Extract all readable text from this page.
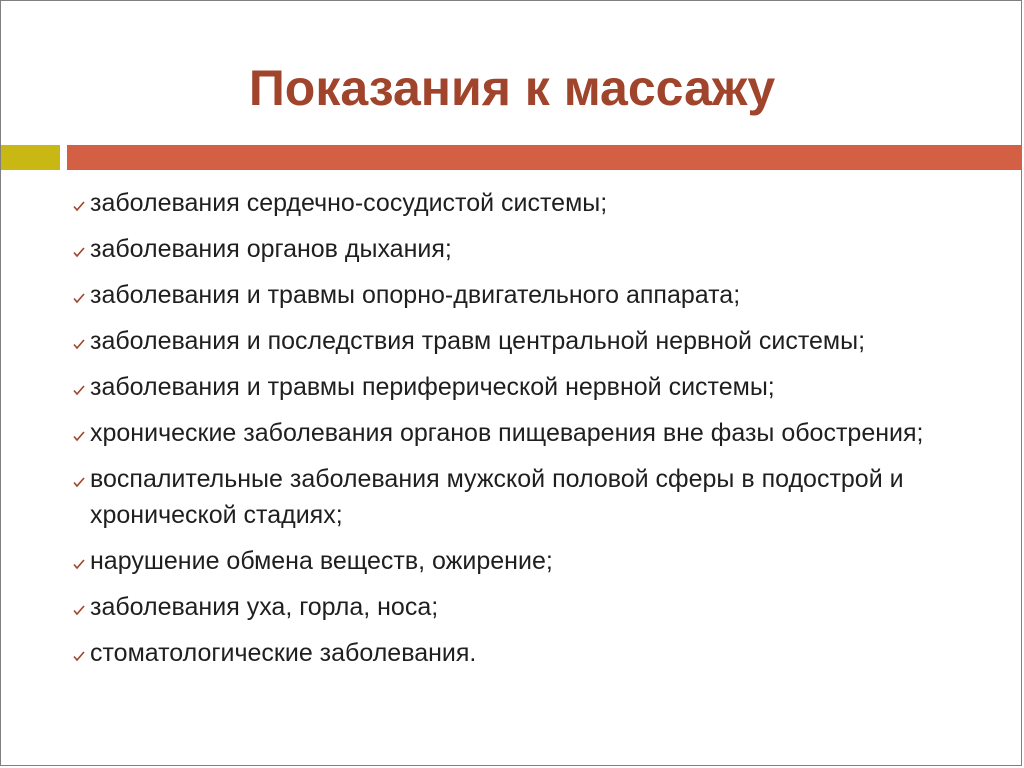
Показания к массажу
заболевания сердечно-сосудистой системы;
заболевания органов дыхания;
заболевания и травмы опорно-двигательного аппарата;
заболевания и последствия травм центральной нервной системы;
заболевания и травмы периферической нервной системы;
хронические заболевания органов пищеварения вне фазы обострения;
воспалительные заболевания мужской половой сферы в подострой и хронической стадиях;
нарушение обмена веществ, ожирение;
заболевания уха, горла, носа;
стоматологические заболевания.
